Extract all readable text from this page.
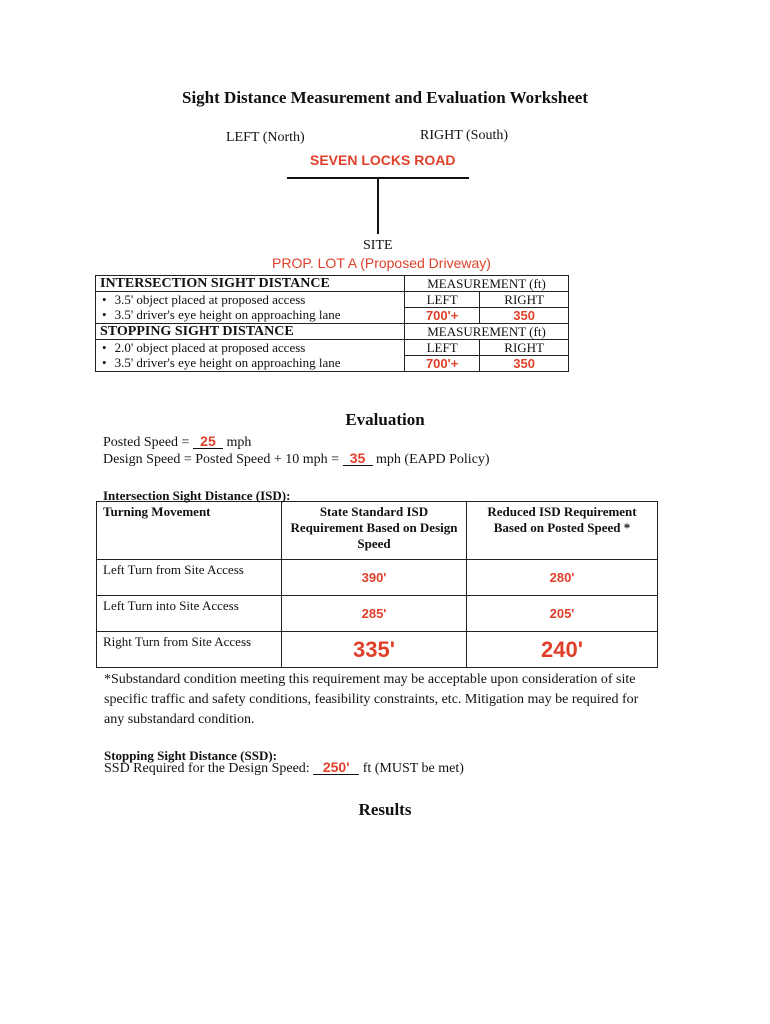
Sight Distance Measurement and Evaluation Worksheet
LEFT (North)	RIGHT (South)
SEVEN LOCKS ROAD
SITE
PROP. LOT A (Proposed Driveway)
INTERSECTION SIGHT DISTANCE	MEASUREMENT (ft)	

• 3.5' object placed at proposed access
• 3.5' driver's eye height on approaching lane	LEFT	RIGHT
	700'+	350
STOPPING SIGHT DISTANCE	MEASUREMENT (ft)	

• 2.0' object placed at proposed access
• 3.5' driver's eye height on approaching lane	LEFT	RIGHT
	700'+	350
Evaluation
Posted Speed = 25 mph
Design Speed = Posted Speed + 10 mph = 35 mph (EAPD Policy)
Intersection Sight Distance (ISD):
Turning Movement	State Standard ISD Requirement Based on Design Speed	Reduced ISD Requirement Based on Posted Speed *
Left Turn from Site Access	390'	280'
Left Turn into Site Access	285'	205'
Right Turn from Site Access	335'	240'
*Substandard condition meeting this requirement may be acceptable upon consideration of site specific traffic and safety conditions, feasibility constraints, etc. Mitigation may be required for any substandard condition.
Stopping Sight Distance (SSD):
SSD Required for the Design Speed: 250' ft (MUST be met)
Results
